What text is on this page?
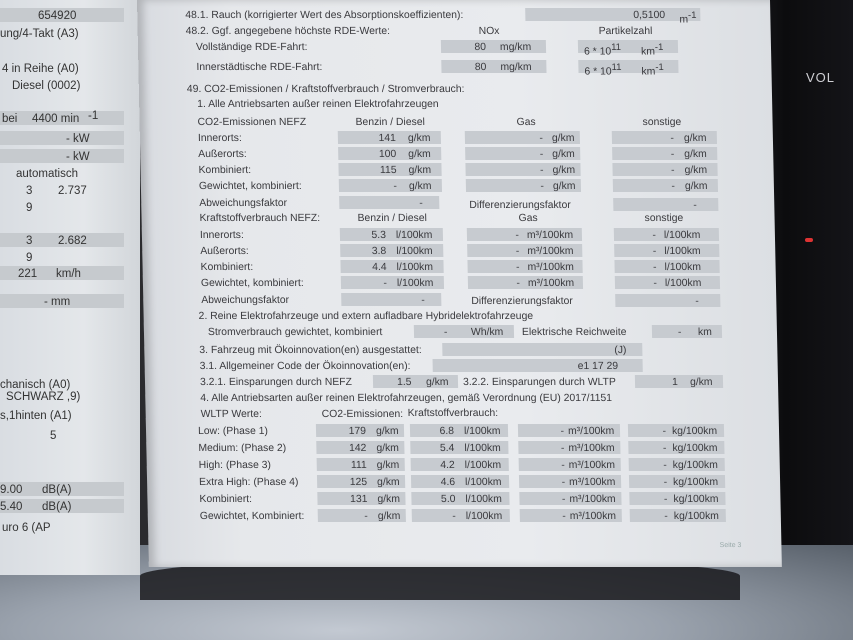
VOL
654920
ung/4-Takt (A3)
4 in Reihe (A0)
Diesel (0002)
bei 4400 min -1
- kW
- kW
automatisch
3 2.737
9
3 2.682
9
221 km/h
- mm
chanisch (A0)
SCHWARZ ,9)
s,1hinten (A1)
5
9.00 dB(A)
5.40 dB(A)
uro 6 (AP
48.1. Rauch (korrigierter Wert des Absorptionskoeffizienten):	0,5100 $m^{-1}$
48.2. Ggf. angegebene höchste RDE-Werte:	NOx	Partikelzahl
Vollständige RDE-Fahrt:	80 mg/km	$6 * 10^{11}$ $km^{-1}$
Innerstädtische RDE-Fahrt:	80 mg/km	$6 * 10^{11}$ $km^{-1}$
49. CO2-Emissionen / Kraftstoffverbrauch / Stromverbrauch:
1. Alle Antriebsarten außer reinen Elektrofahrzeugen
CO2-Emissionen NEFZ	Benzin / Diesel	Gas	sonstige
Innerorts:	141 g/km	- g/km	- g/km
Außerorts:	100 g/km	- g/km	- g/km
Kombiniert:	115 g/km	- g/km	- g/km
Gewichtet, kombiniert:	- g/km	- g/km	- g/km
Abweichungsfaktor	-	Differenzierungsfaktor	-
Kraftstoffverbrauch NEFZ:	Benzin / Diesel	Gas	sonstige
Innerorts:	5.3 l/100km	- m³/100km	- l/100km
Außerorts:	3.8 l/100km	- m³/100km	- l/100km
Kombiniert:	4.4 l/100km	- m³/100km	- l/100km
Gewichtet, kombiniert:	- l/100km	- m³/100km	- l/100km
Abweichungsfaktor	-	Differenzierungsfaktor	-
2. Reine Elektrofahrzeuge und extern aufladbare Hybridelektrofahrzeuge
Stromverbrauch gewichtet, kombiniert	- Wh/km Elektrische Reichweite	- km
3. Fahrzeug mit Ökoinnovation(en) ausgestattet:	(J)
3.1. Allgemeiner Code der Ökoinnovation(en):	e1 17 29
3.2.1. Einsparungen durch NEFZ	1.5 g/km 3.2.2. Einsparungen durch WLTP	1 g/km
4. Alle Antriebsarten außer reinen Elektrofahrzeugen, gemäß Verordnung (EU) 2017/1151
WLTP Werte:	CO2-Emissionen: Kraftstoffverbrauch:
Low: (Phase 1)	179 g/km	6.8 l/100km	- m³/100km	- kg/100km
Medium: (Phase 2)	142 g/km	5.4 l/100km	- m³/100km	- kg/100km
High: (Phase 3)	111 g/km	4.2 l/100km	- m³/100km	- kg/100km
Extra High: (Phase 4)	125 g/km	4.6 l/100km	- m³/100km	- kg/100km
Kombiniert:	131 g/km	5.0 l/100km	- m³/100km	- kg/100km
Gewichtet, Kombiniert:	- g/km	- l/100km	- m³/100km	- kg/100km
Seite 3
